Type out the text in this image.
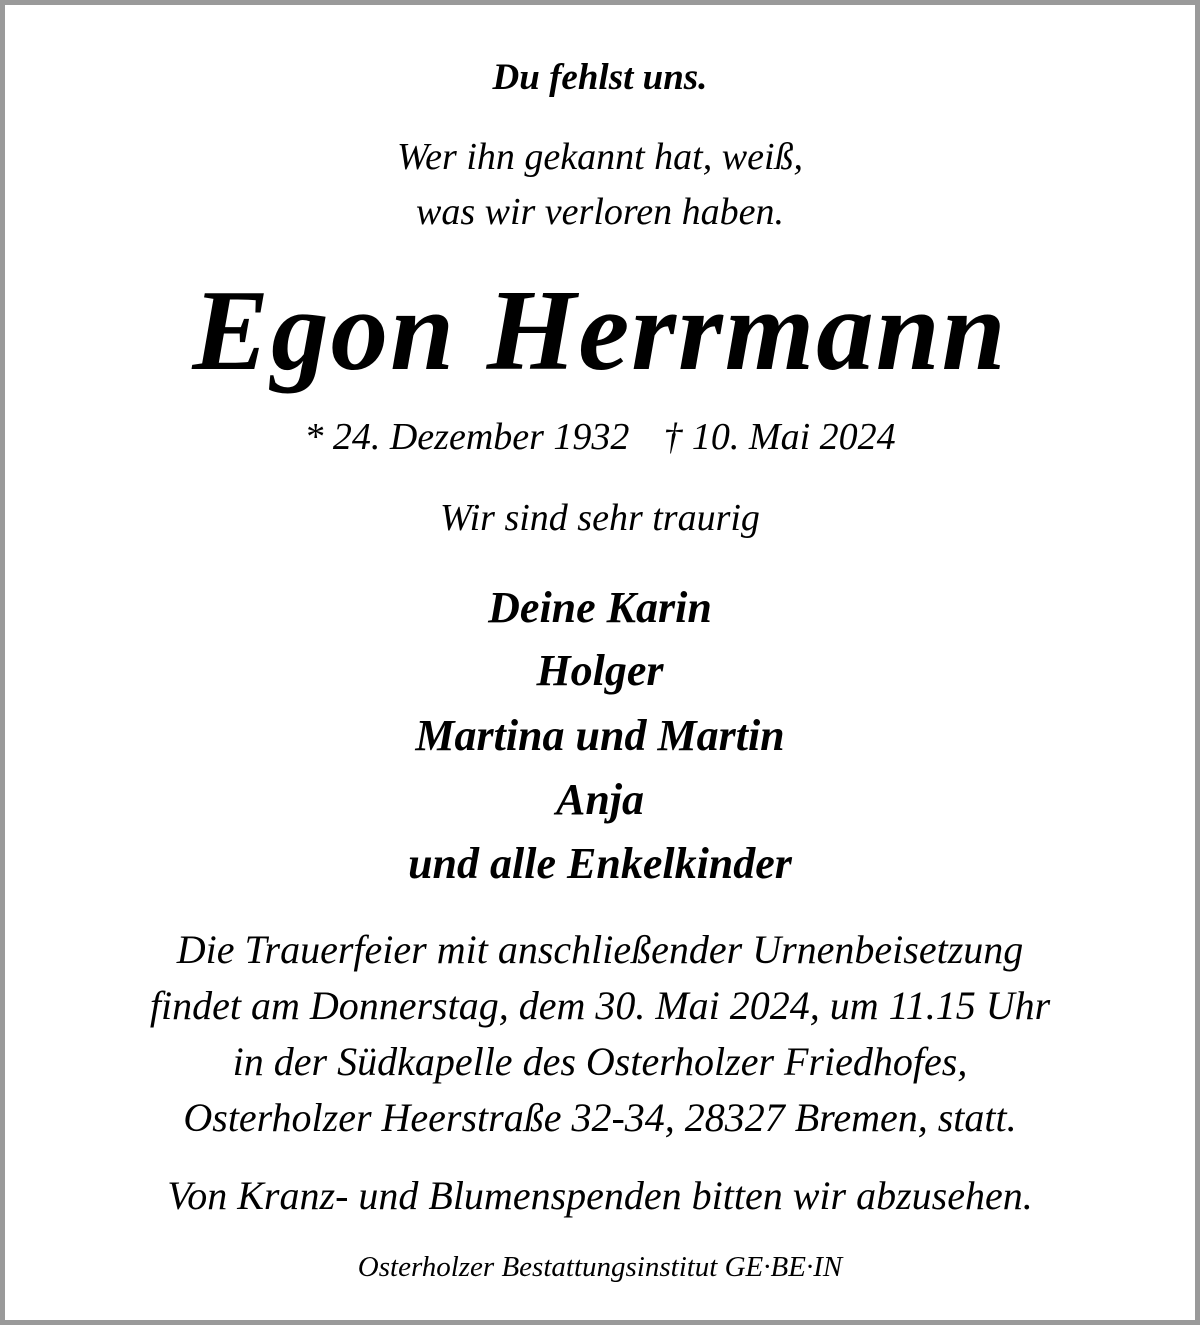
Du fehlst uns.
Wer ihn gekannt hat, weiß,
was wir verloren haben.
Egon Herrmann
* 24. Dezember 1932 † 10. Mai 2024
Wir sind sehr traurig
Deine Karin
Holger
Martina und Martin
Anja
und alle Enkelkinder
Die Trauerfeier mit anschließender Urnenbeisetzung
findet am Donnerstag, dem 30. Mai 2024, um 11.15 Uhr
in der Südkapelle des Osterholzer Friedhofes,
Osterholzer Heerstraße 32-34, 28327 Bremen, statt.
Von Kranz- und Blumenspenden bitten wir abzusehen.
Osterholzer Bestattungsinstitut GE·BE·IN
